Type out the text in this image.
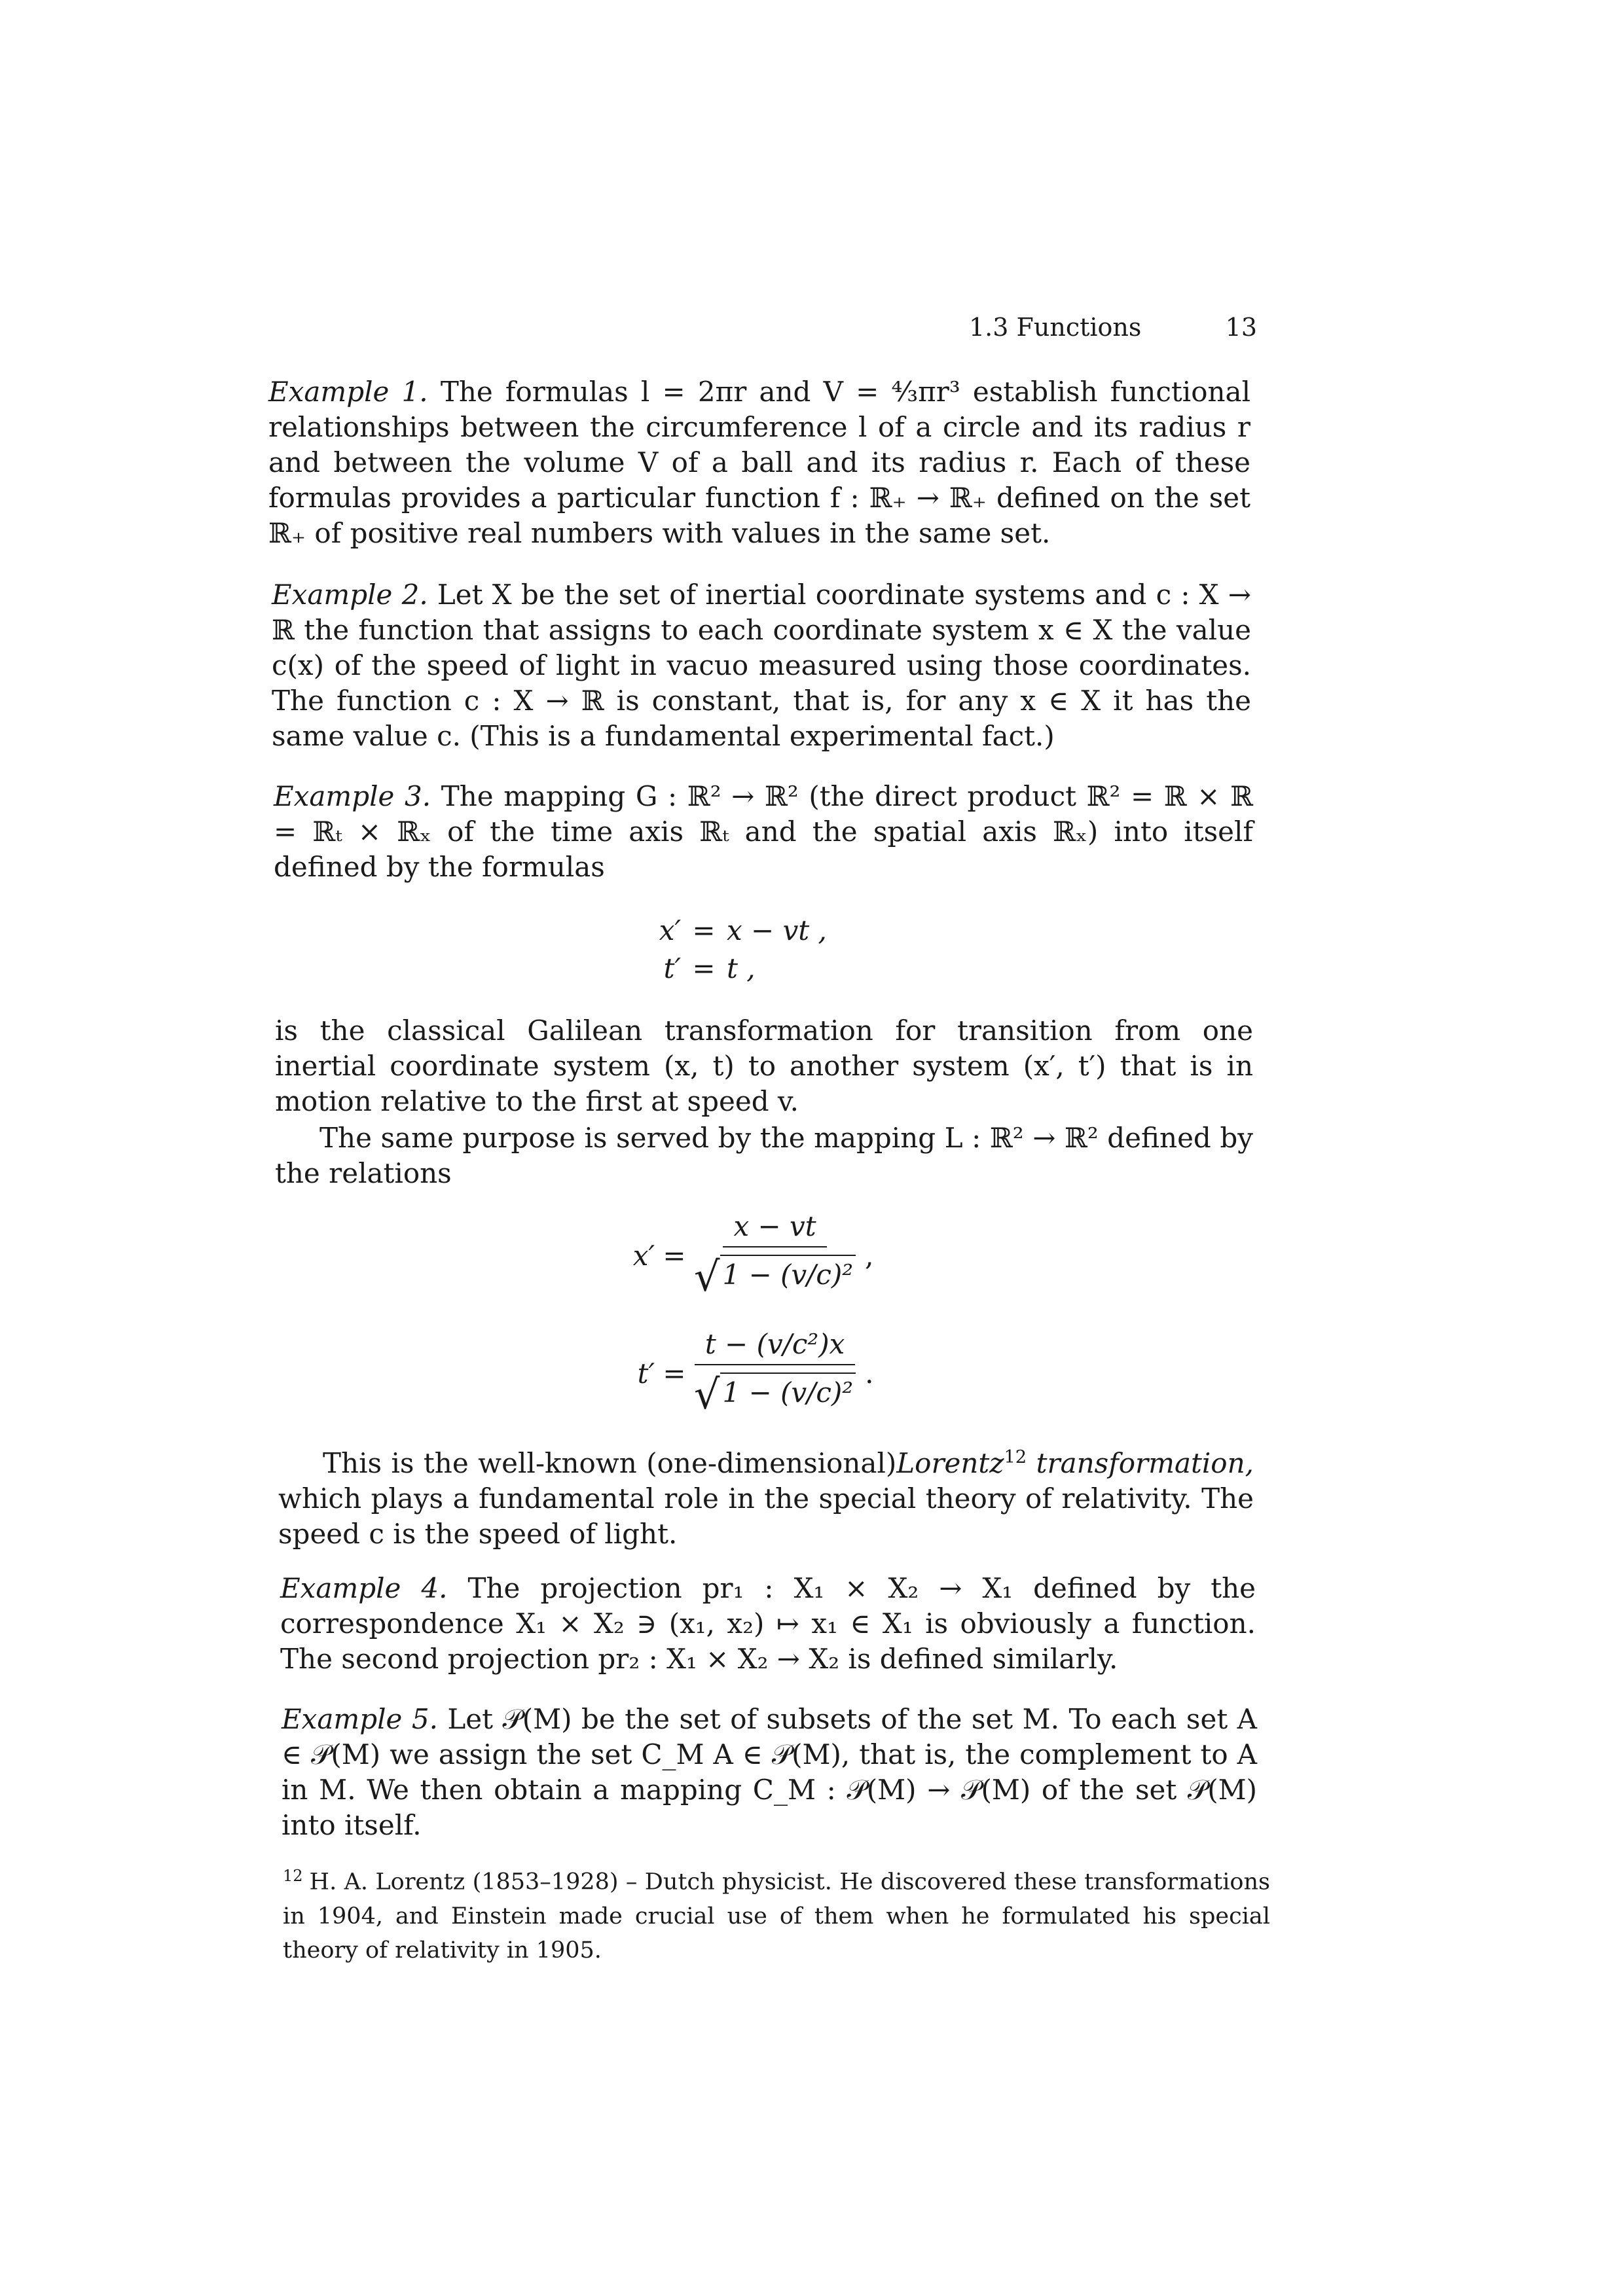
1.3 Functions	13
Example 1. The formulas l = 2πr and V = ⁴⁄₃πr³ establish functional relationships between the circumference l of a circle and its radius r and between the volume V of a ball and its radius r. Each of these formulas provides a particular function f : ℝ₊ → ℝ₊ defined on the set ℝ₊ of positive real numbers with values in the same set.
Example 2. Let X be the set of inertial coordinate systems and c : X → ℝ the function that assigns to each coordinate system x ∈ X the value c(x) of the speed of light in vacuo measured using those coordinates. The function c : X → ℝ is constant, that is, for any x ∈ X it has the same value c. (This is a fundamental experimental fact.)
Example 3. The mapping G : ℝ² → ℝ² (the direct product ℝ² = ℝ × ℝ = ℝₜ × ℝₓ of the time axis ℝₜ and the spatial axis ℝₓ) into itself defined by the formulas
x′ = x − vt ,
t′ = t ,
is the classical Galilean transformation for transition from one inertial coordinate system (x, t) to another system (x′, t′) that is in motion relative to the first at speed v.
The same purpose is served by the mapping L : ℝ² → ℝ² defined by the relations
$x' = \frac{x - vt}{\text{√1 − (v/c)²}}$ ,
$t' = \frac{\text{t − (v/c²)x}}{\text{√1 − (v/c)²}}$ .
This is the well-known (one-dimensional)Lorentz$^{12}$ transformation, which plays a fundamental role in the special theory of relativity. The speed c is the speed of light.
Example 4. The projection pr₁ : X₁ × X₂ → X₁ defined by the correspondence X₁ × X₂ ∋ (x₁, x₂) ↦ x₁ ∈ X₁ is obviously a function. The second projection pr₂ : X₁ × X₂ → X₂ is defined similarly.
Example 5. Let 𝒫(M) be the set of subsets of the set M. To each set A ∈ 𝒫(M) we assign the set C_M A ∈ 𝒫(M), that is, the complement to A in M. We then obtain a mapping C_M : 𝒫(M) → 𝒫(M) of the set 𝒫(M) into itself.
$^{12}$ H. A. Lorentz (1853–1928) – Dutch physicist. He discovered these transformations in 1904, and Einstein made crucial use of them when he formulated his special theory of relativity in 1905.
